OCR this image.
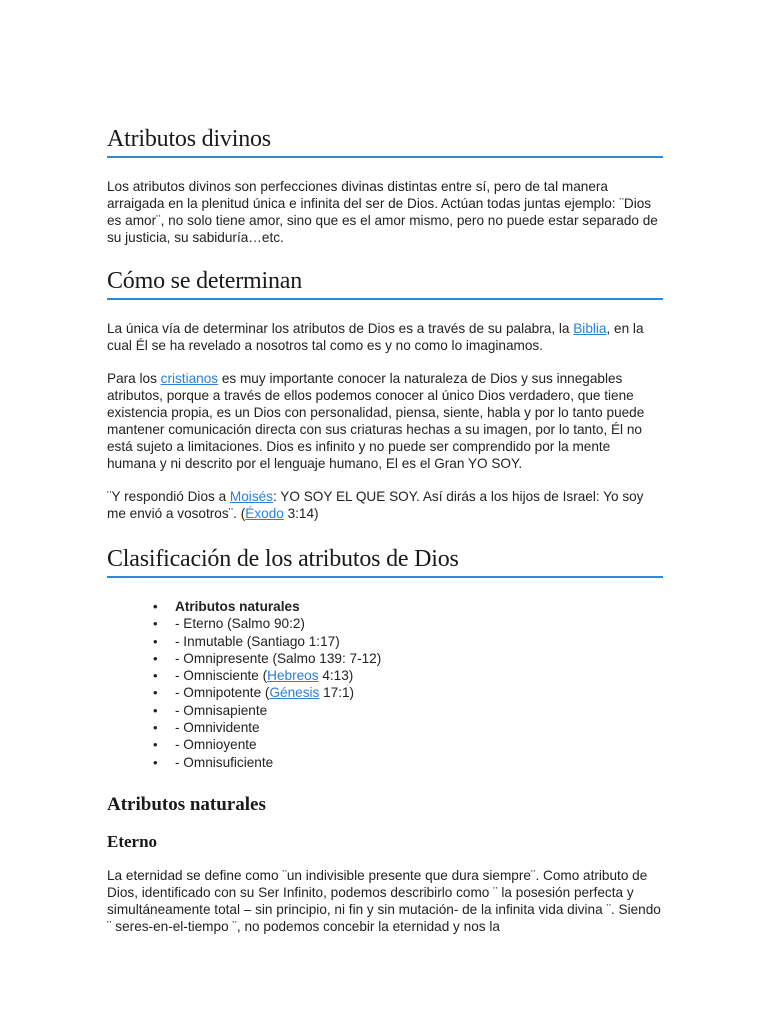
Atributos divinos

Los atributos divinos son perfecciones divinas distintas entre sí, pero de tal manera arraigada en la plenitud única e infinita del ser de Dios. Actúan todas juntas ejemplo: ¨Dios es amor¨, no solo tiene amor, sino que es el amor mismo, pero no puede estar separado de su justicia, su sabiduría…etc.

Cómo se determinan

La única vía de determinar los atributos de Dios es a través de su palabra, la Biblia, en la cual Él se ha revelado a nosotros tal como es y no como lo imaginamos.

Para los cristianos es muy importante conocer la naturaleza de Dios y sus innegables atributos, porque a través de ellos podemos conocer al único Dios verdadero, que tiene existencia propia, es un Dios con personalidad, piensa, siente, habla y por lo tanto puede mantener comunicación directa con sus criaturas hechas a su imagen, por lo tanto, Él no está sujeto a limitaciones. Dios es infinito y no puede ser comprendido por la mente humana y ni descrito por el lenguaje humano, El es el Gran YO SOY.

¨Y respondió Dios a Moisés: YO SOY EL QUE SOY. Así dirás a los hijos de Israel: Yo soy me envió a vosotros¨. (Éxodo 3:14)

Clasificación de los atributos de Dios
• Atributos naturales
• - Eterno (Salmo 90:2)
• - Inmutable (Santiago 1:17)
• - Omnipresente (Salmo 139: 7-12)
• - Omnisciente (Hebreos 4:13)
• - Omnipotente (Génesis 17:1)
• - Omnisapiente
• - Omnividente
• - Omnioyente
• - Omnisuficiente
Atributos naturales
Eterno

La eternidad se define como ¨un indivisible presente que dura siempre¨. Como atributo de Dios, identificado con su Ser Infinito, podemos describirlo como ¨ la posesión perfecta y simultáneamente total – sin principio, ni fin y sin mutación- de la infinita vida divina ¨. Siendo ¨ seres-en-el-tiempo ¨, no podemos concebir la eternidad y nos la
